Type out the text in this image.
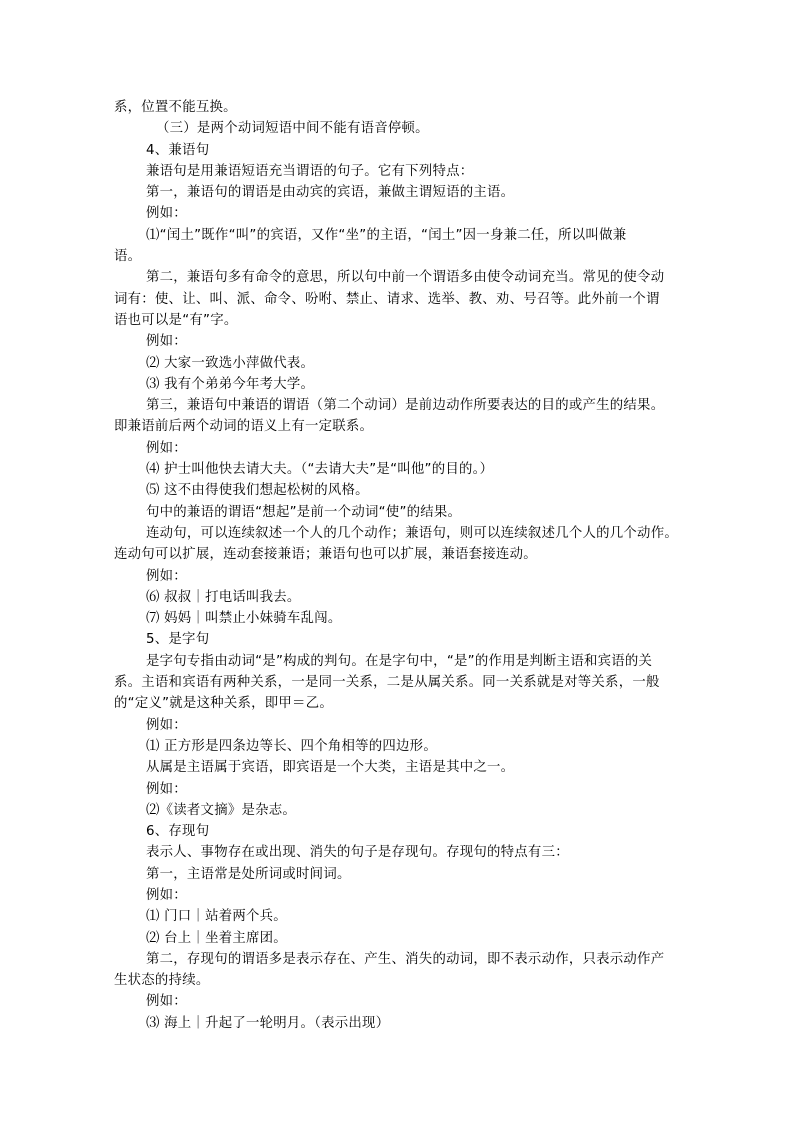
系，位置不能互换。
（三）是两个动词短语中间不能有语音停顿。
4、兼语句
兼语句是用兼语短语充当谓语的句子。它有下列特点：
第一，兼语句的谓语是由动宾的宾语，兼做主谓短语的主语。
例如：
⑴“闰土”既作“叫”的宾语，又作“坐”的主语，“闰土”因一身兼二任，所以叫做兼
语。
第二，兼语句多有命令的意思，所以句中前一个谓语多由使令动词充当。常见的使令动
词有：使、让、叫、派、命令、吩咐、禁止、请求、选举、教、劝、号召等。此外前一个谓
语也可以是“有”字。
例如：
⑵ 大家一致选小萍做代表。
⑶ 我有个弟弟今年考大学。
第三，兼语句中兼语的谓语（第二个动词）是前边动作所要表达的目的或产生的结果。
即兼语前后两个动词的语义上有一定联系。
例如：
⑷ 护士叫他快去请大夫。（“去请大夫”是“叫他”的目的。）
⑸ 这不由得使我们想起松树的风格。
句中的兼语的谓语“想起”是前一个动词“使”的结果。
连动句，可以连续叙述一个人的几个动作；兼语句，则可以连续叙述几个人的几个动作。
连动句可以扩展，连动套接兼语；兼语句也可以扩展，兼语套接连动。
例如：
⑹ 叔叔｜打电话叫我去。
⑺ 妈妈｜叫禁止小妹骑车乱闯。
5、是字句
是字句专指由动词“是”构成的判句。在是字句中，“是”的作用是判断主语和宾语的关
系。主语和宾语有两种关系，一是同一关系，二是从属关系。同一关系就是对等关系，一般
的“定义”就是这种关系，即甲＝乙。
例如：
⑴ 正方形是四条边等长、四个角相等的四边形。
从属是主语属于宾语，即宾语是一个大类，主语是其中之一。
例如：
⑵《读者文摘》是杂志。
6、存现句
表示人、事物存在或出现、消失的句子是存现句。存现句的特点有三：
第一，主语常是处所词或时间词。
例如：
⑴ 门口｜站着两个兵。
⑵ 台上｜坐着主席团。
第二，存现句的谓语多是表示存在、产生、消失的动词，即不表示动作，只表示动作产
生状态的持续。
例如：
⑶ 海上｜升起了一轮明月。（表示出现）
